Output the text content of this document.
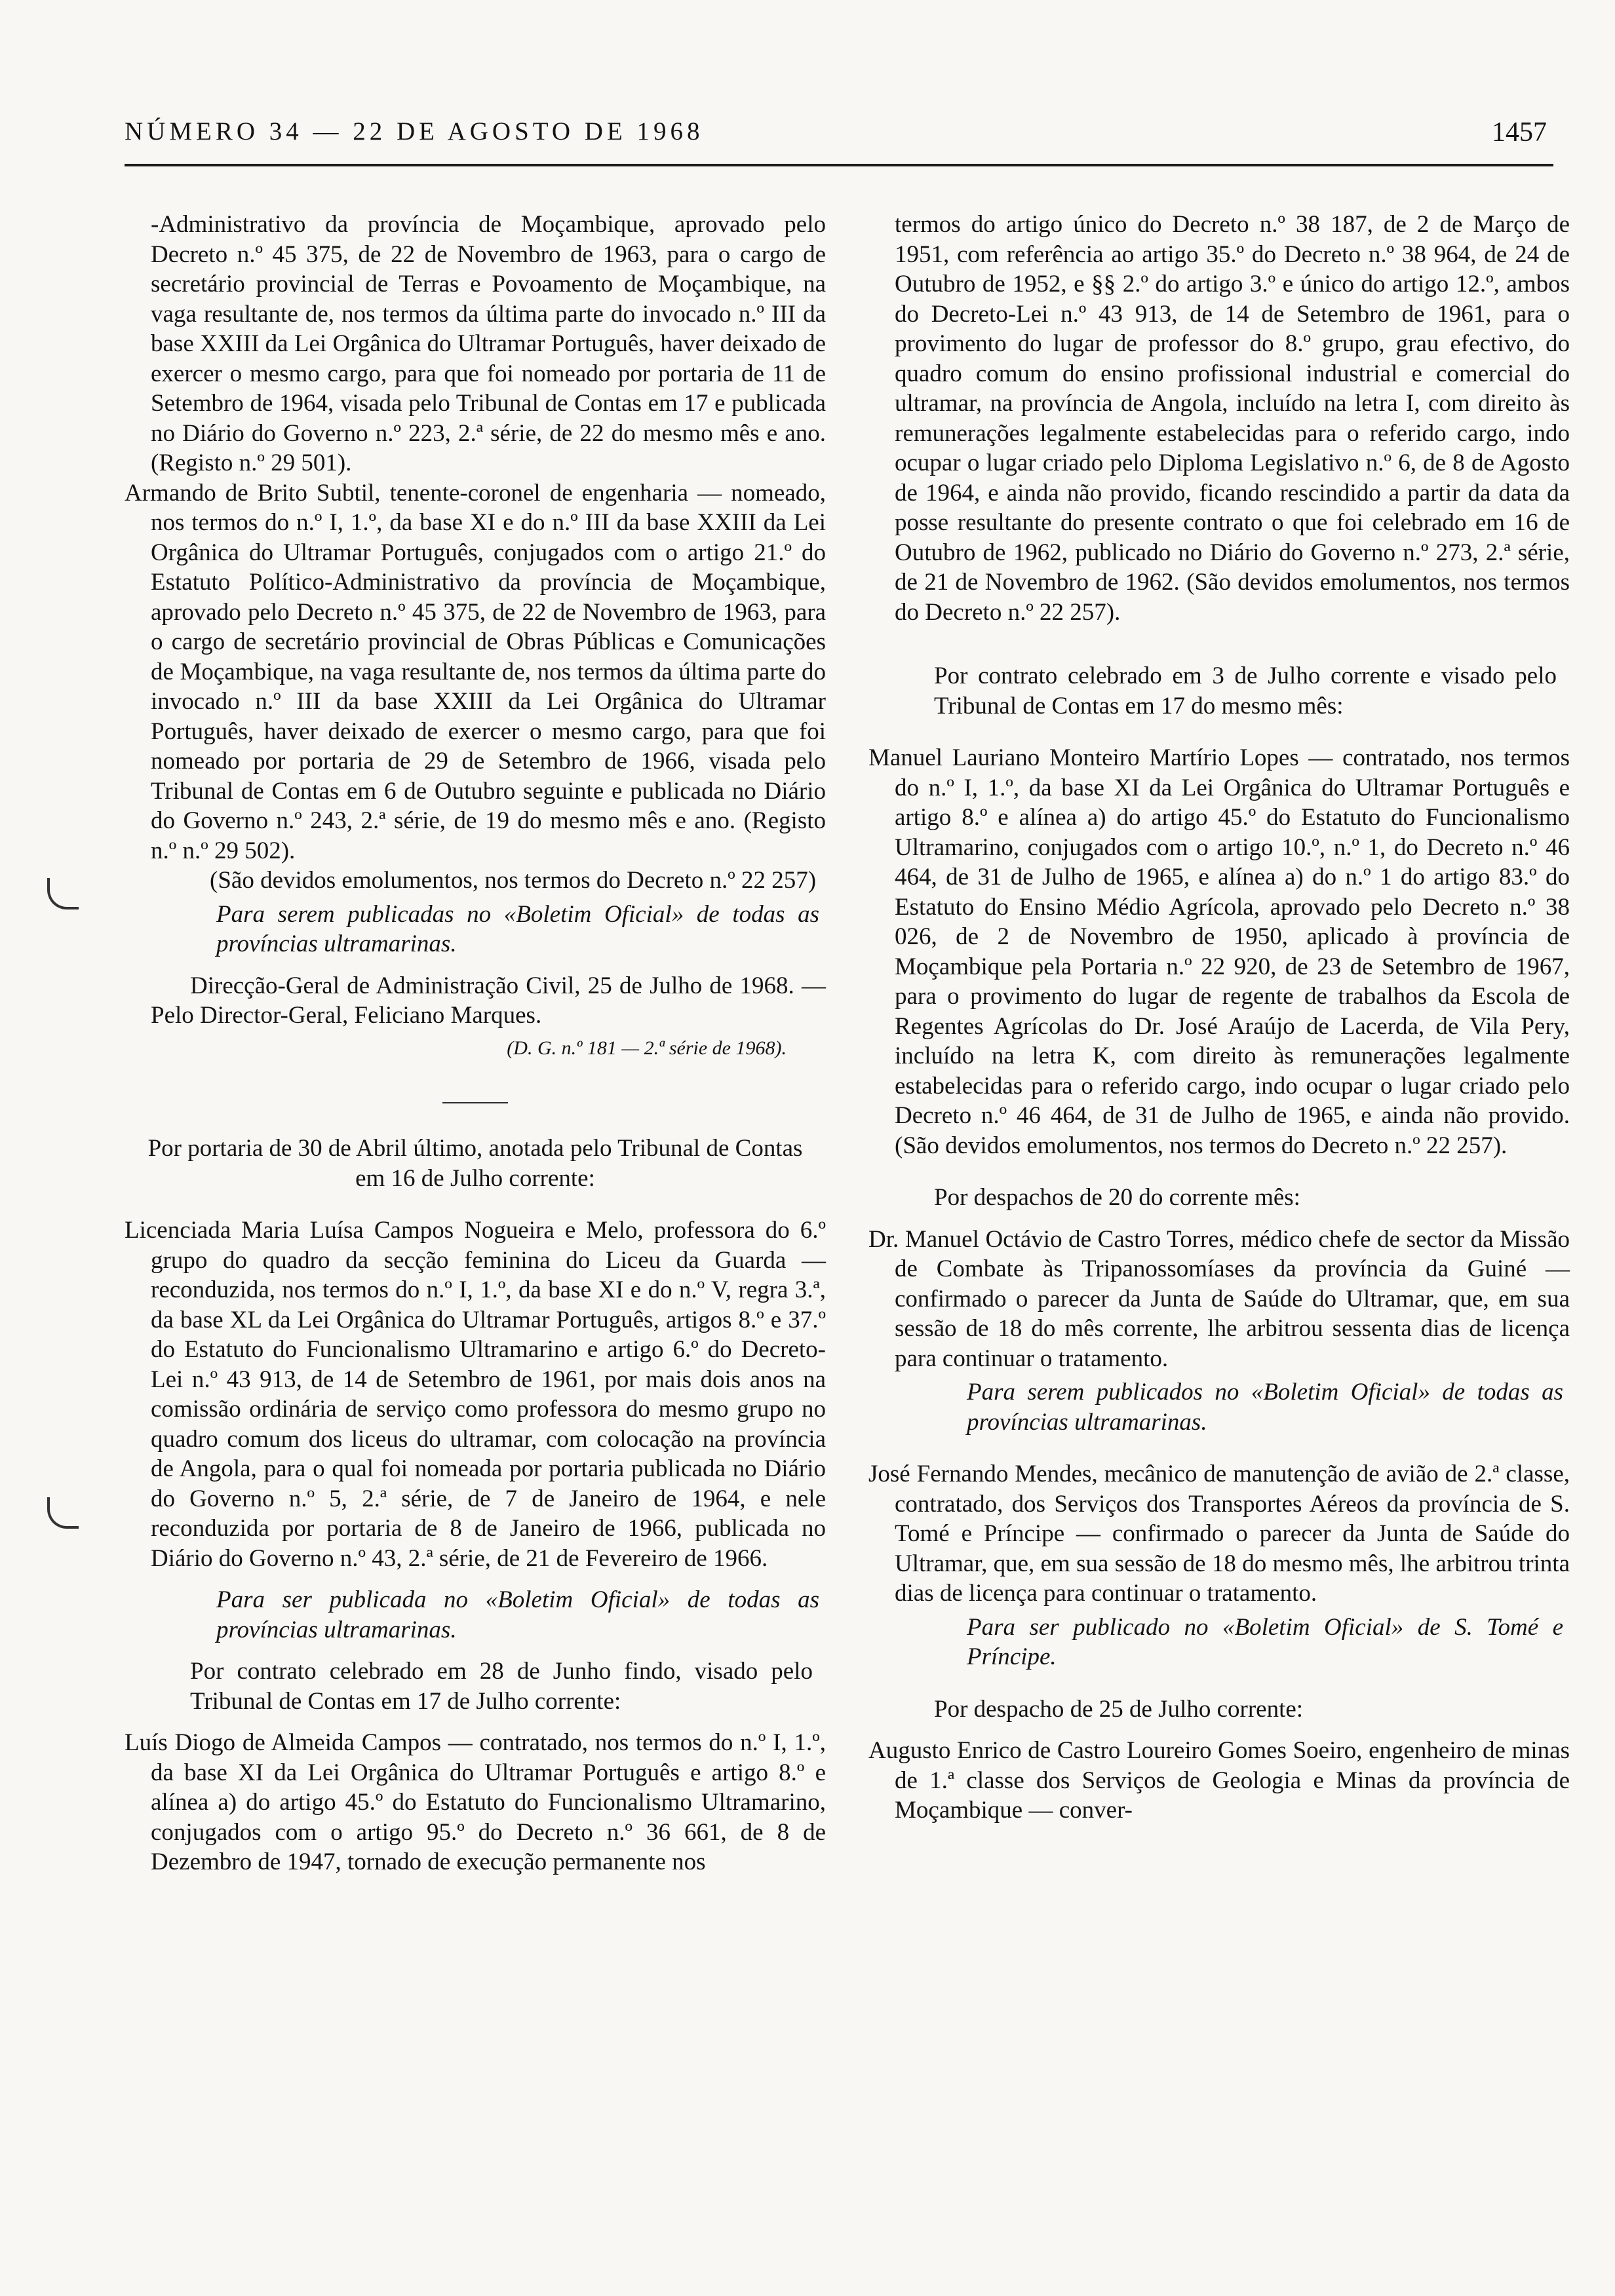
NÚMERO 34 — 22 DE AGOSTO DE 1968	1457

-Administrativo da província de Moçambique, aprovado pelo Decreto n.º 45 375, de 22 de Novembro de 1963, para o cargo de secretário provincial de Terras e Povoamento de Moçambique, na vaga resultante de, nos termos da última parte do invocado n.º III da base XXIII da Lei Orgânica do Ultramar Português, haver deixado de exercer o mesmo cargo, para que foi nomeado por portaria de 11 de Setembro de 1964, visada pelo Tribunal de Contas em 17 e publicada no Diário do Governo n.º 223, 2.ª série, de 22 do mesmo mês e ano. (Registo n.º 29 501).

Armando de Brito Subtil, tenente-coronel de engenharia — nomeado, nos termos do n.º I, 1.º, da base XI e do n.º III da base XXIII da Lei Orgânica do Ultramar Português, conjugados com o artigo 21.º do Estatuto Político-Administrativo da província de Moçambique, aprovado pelo Decreto n.º 45 375, de 22 de Novembro de 1963, para o cargo de secretário provincial de Obras Públicas e Comunicações de Moçambique, na vaga resultante de, nos termos da última parte do invocado n.º III da base XXIII da Lei Orgânica do Ultramar Português, haver deixado de exercer o mesmo cargo, para que foi nomeado por portaria de 29 de Setembro de 1966, visada pelo Tribunal de Contas em 6 de Outubro seguinte e publicada no Diário do Governo n.º 243, 2.ª série, de 19 do mesmo mês e ano. (Registo n.º n.º 29 502).

(São devidos emolumentos, nos termos do Decreto n.º 22 257)

Para serem publicadas no «Boletim Oficial» de todas as províncias ultramarinas.

Direcção-Geral de Administração Civil, 25 de Julho de 1968. — Pelo Director-Geral, Feliciano Marques.

(D. G. n.º 181 — 2.ª série de 1968).

Por portaria de 30 de Abril último, anotada pelo Tribunal de Contas em 16 de Julho corrente:

Licenciada Maria Luísa Campos Nogueira e Melo, professora do 6.º grupo do quadro da secção feminina do Liceu da Guarda — reconduzida, nos termos do n.º I, 1.º, da base XI e do n.º V, regra 3.ª, da base XL da Lei Orgânica do Ultramar Português, artigos 8.º e 37.º do Estatuto do Funcionalismo Ultramarino e artigo 6.º do Decreto-Lei n.º 43 913, de 14 de Setembro de 1961, por mais dois anos na comissão ordinária de serviço como professora do mesmo grupo no quadro comum dos liceus do ultramar, com colocação na província de Angola, para o qual foi nomeada por portaria publicada no Diário do Governo n.º 5, 2.ª série, de 7 de Janeiro de 1964, e nele reconduzida por portaria de 8 de Janeiro de 1966, publicada no Diário do Governo n.º 43, 2.ª série, de 21 de Fevereiro de 1966.

Para ser publicada no «Boletim Oficial» de todas as províncias ultramarinas.

Por contrato celebrado em 28 de Junho findo, visado pelo Tribunal de Contas em 17 de Julho corrente:

Luís Diogo de Almeida Campos — contratado, nos termos do n.º I, 1.º, da base XI da Lei Orgânica do Ultramar Português e artigo 8.º e alínea a) do artigo 45.º do Estatuto do Funcionalismo Ultramarino, conjugados com o artigo 95.º do Decreto n.º 36 661, de 8 de Dezembro de 1947, tornado de execução permanente nos

termos do artigo único do Decreto n.º 38 187, de 2 de Março de 1951, com referência ao artigo 35.º do Decreto n.º 38 964, de 24 de Outubro de 1952, e §§ 2.º do artigo 3.º e único do artigo 12.º, ambos do Decreto-Lei n.º 43 913, de 14 de Setembro de 1961, para o provimento do lugar de professor do 8.º grupo, grau efectivo, do quadro comum do ensino profissional industrial e comercial do ultramar, na província de Angola, incluído na letra I, com direito às remunerações legalmente estabelecidas para o referido cargo, indo ocupar o lugar criado pelo Diploma Legislativo n.º 6, de 8 de Agosto de 1964, e ainda não provido, ficando rescindido a partir da data da posse resultante do presente contrato o que foi celebrado em 16 de Outubro de 1962, publicado no Diário do Governo n.º 273, 2.ª série, de 21 de Novembro de 1962. (São devidos emolumentos, nos termos do Decreto n.º 22 257).

Por contrato celebrado em 3 de Julho corrente e visado pelo Tribunal de Contas em 17 do mesmo mês:

Manuel Lauriano Monteiro Martírio Lopes — contratado, nos termos do n.º I, 1.º, da base XI da Lei Orgânica do Ultramar Português e artigo 8.º e alínea a) do artigo 45.º do Estatuto do Funcionalismo Ultramarino, conjugados com o artigo 10.º, n.º 1, do Decreto n.º 46 464, de 31 de Julho de 1965, e alínea a) do n.º 1 do artigo 83.º do Estatuto do Ensino Médio Agrícola, aprovado pelo Decreto n.º 38 026, de 2 de Novembro de 1950, aplicado à província de Moçambique pela Portaria n.º 22 920, de 23 de Setembro de 1967, para o provimento do lugar de regente de trabalhos da Escola de Regentes Agrícolas do Dr. José Araújo de Lacerda, de Vila Pery, incluído na letra K, com direito às remunerações legalmente estabelecidas para o referido cargo, indo ocupar o lugar criado pelo Decreto n.º 46 464, de 31 de Julho de 1965, e ainda não provido. (São devidos emolumentos, nos termos do Decreto n.º 22 257).

Por despachos de 20 do corrente mês:

Dr. Manuel Octávio de Castro Torres, médico chefe de sector da Missão de Combate às Tripanossomíases da província da Guiné — confirmado o parecer da Junta de Saúde do Ultramar, que, em sua sessão de 18 do mês corrente, lhe arbitrou sessenta dias de licença para continuar o tratamento.

Para serem publicados no «Boletim Oficial» de todas as províncias ultramarinas.

José Fernando Mendes, mecânico de manutenção de avião de 2.ª classe, contratado, dos Serviços dos Transportes Aéreos da província de S. Tomé e Príncipe — confirmado o parecer da Junta de Saúde do Ultramar, que, em sua sessão de 18 do mesmo mês, lhe arbitrou trinta dias de licença para continuar o tratamento.

Para ser publicado no «Boletim Oficial» de S. Tomé e Príncipe.

Por despacho de 25 de Julho corrente:

Augusto Enrico de Castro Loureiro Gomes Soeiro, engenheiro de minas de 1.ª classe dos Serviços de Geologia e Minas da província de Moçambique — conver-
